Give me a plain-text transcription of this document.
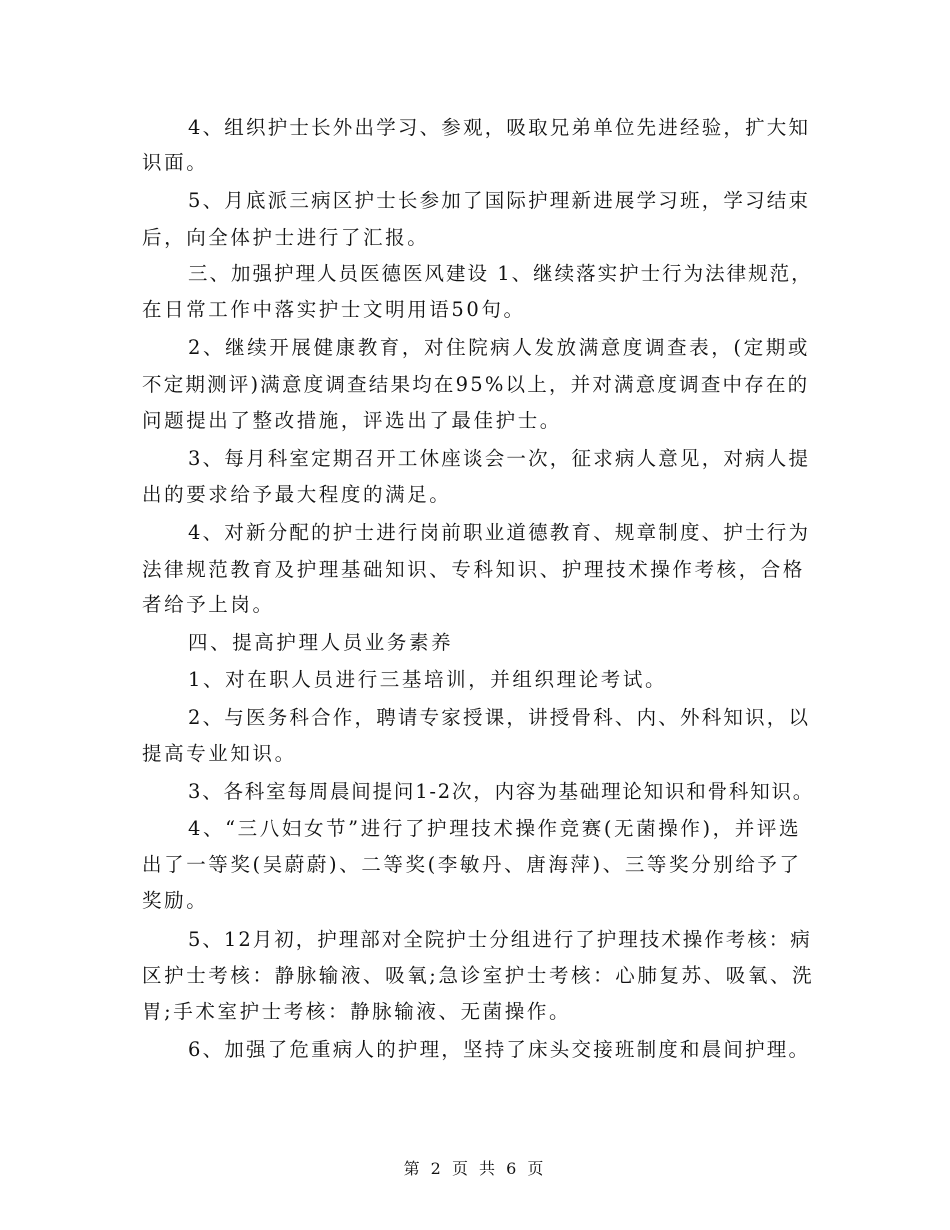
4、组织护士长外出学习、参观，吸取兄弟单位先进经验，扩大知
识面。
5、月底派三病区护士长参加了国际护理新进展学习班，学习结束
后，向全体护士进行了汇报。
三、加强护理人员医德医风建设 1、继续落实护士行为法律规范，
在日常工作中落实护士文明用语50句。
2、继续开展健康教育，对住院病人发放满意度调查表，(定期或
不定期测评)满意度调查结果均在95%以上，并对满意度调查中存在的
问题提出了整改措施，评选出了最佳护士。
3、每月科室定期召开工休座谈会一次，征求病人意见，对病人提
出的要求给予最大程度的满足。
4、对新分配的护士进行岗前职业道德教育、规章制度、护士行为
法律规范教育及护理基础知识、专科知识、护理技术操作考核，合格
者给予上岗。
四、提高护理人员业务素养
1、对在职人员进行三基培训，并组织理论考试。
2、与医务科合作，聘请专家授课，讲授骨科、内、外科知识，以
提高专业知识。
3、各科室每周晨间提问1-2次，内容为基础理论知识和骨科知识。
4、“三八妇女节”进行了护理技术操作竞赛(无菌操作)，并评选
出了一等奖(吴蔚蔚)、二等奖(李敏丹、唐海萍)、三等奖分别给予了
奖励。
5、12月初，护理部对全院护士分组进行了护理技术操作考核：病
区护士考核：静脉输液、吸氧;急诊室护士考核：心肺复苏、吸氧、洗
胃;手术室护士考核：静脉输液、无菌操作。
6、加强了危重病人的护理，坚持了床头交接班制度和晨间护理。
第 2 页 共 6 页
